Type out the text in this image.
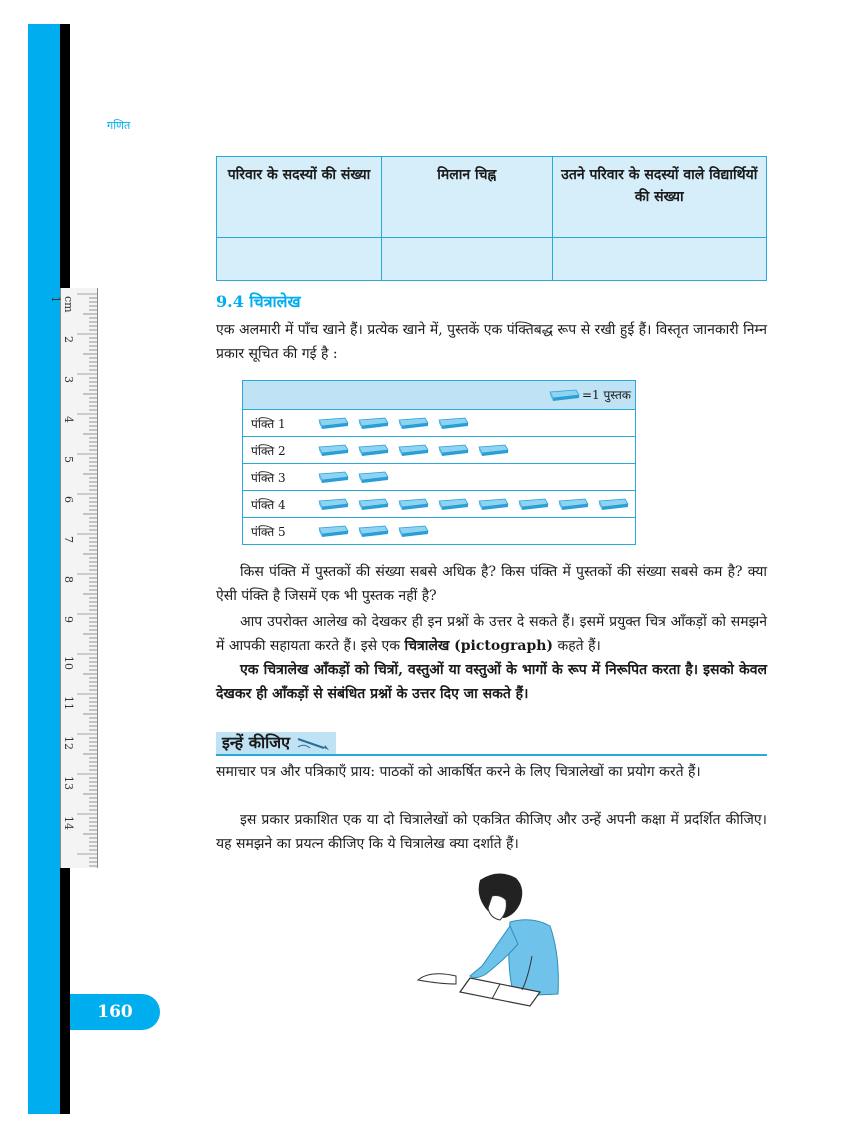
cm 1
2
3
4
5
6
7
8
9
10
11
12
13
14
गणित
परिवार के सदस्यों की संख्या	मिलान चिह्न	उतने परिवार के सदस्यों वाले विद्यार्थियों की संख्या

9.4 चित्रालेख
एक अलमारी में पाँच खाने हैं। प्रत्येक खाने में, पुस्तकें एक पंक्तिबद्ध रूप से रखी हुई हैं। विस्तृत जानकारी निम्न प्रकार सूचित की गई है :
=1 पुस्तक
पंक्ति 1
पंक्ति 2
पंक्ति 3
पंक्ति 4
पंक्ति 5
किस पंक्ति में पुस्तकों की संख्या सबसे अधिक है? किस पंक्ति में पुस्तकों की संख्या सबसे कम है? क्या ऐसी पंक्ति है जिसमें एक भी पुस्तक नहीं है?
आप उपरोक्त आलेख को देखकर ही इन प्रश्नों के उत्तर दे सकते हैं। इसमें प्रयुक्त चित्र आँकड़ों को समझने में आपकी सहायता करते हैं। इसे एक चित्रालेख (pictograph) कहते हैं।
एक चित्रालेख आँकड़ों को चित्रों, वस्तुओं या वस्तुओं के भागों के रूप में निरूपित करता है। इसको केवल देखकर ही आँकड़ों से संबंधित प्रश्नों के उत्तर दिए जा सकते हैं।
इन्हें कीजिए
समाचार पत्र और पत्रिकाएँ प्राय: पाठकों को आकर्षित करने के लिए चित्रालेखों का प्रयोग करते हैं।
इस प्रकार प्रकाशित एक या दो चित्रालेखों को एकत्रित कीजिए और उन्हें अपनी कक्षा में प्रदर्शित कीजिए। यह समझने का प्रयत्न कीजिए कि ये चित्रालेख क्या दर्शाते हैं।
160
